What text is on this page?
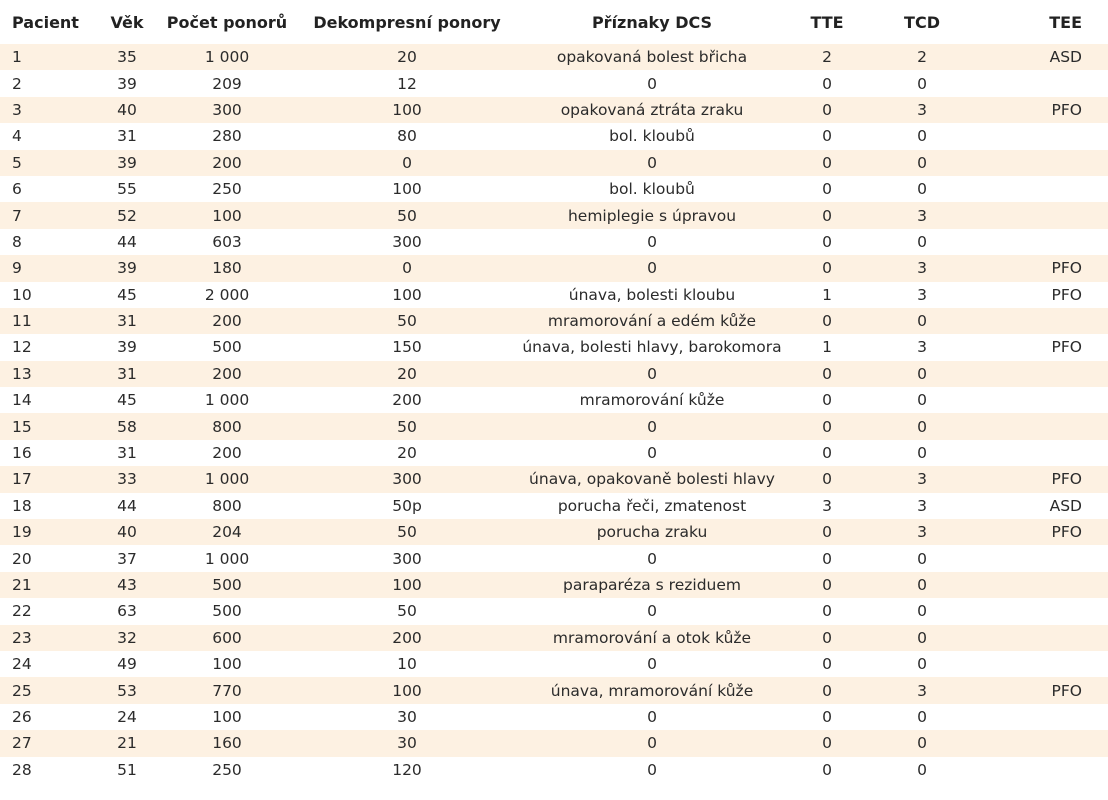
Pacient	Věk	Počet ponorů	Dekompresní ponory	Příznaky DCS	TTE	TCD	TEE
1	35	1 000	20	opakovaná bolest břicha	2	2	ASD
2	39	209	12	0	0	0	
3	40	300	100	opakovaná ztráta zraku	0	3	PFO
4	31	280	80	bol. kloubů	0	0	
5	39	200	0	0	0	0	
6	55	250	100	bol. kloubů	0	0	
7	52	100	50	hemiplegie s úpravou	0	3	
8	44	603	300	0	0	0	
9	39	180	0	0	0	3	PFO
10	45	2 000	100	únava, bolesti kloubu	1	3	PFO
11	31	200	50	mramorování a edém kůže	0	0	
12	39	500	150	únava, bolesti hlavy, barokomora	1	3	PFO
13	31	200	20	0	0	0	
14	45	1 000	200	mramorování kůže	0	0	
15	58	800	50	0	0	0	
16	31	200	20	0	0	0	
17	33	1 000	300	únava, opakovaně bolesti hlavy	0	3	PFO
18	44	800	50p	porucha řeči, zmatenost	3	3	ASD
19	40	204	50	porucha zraku	0	3	PFO
20	37	1 000	300	0	0	0	
21	43	500	100	paraparéza s reziduem	0	0	
22	63	500	50	0	0	0	
23	32	600	200	mramorování a otok kůže	0	0	
24	49	100	10	0	0	0	
25	53	770	100	únava, mramorování kůže	0	3	PFO
26	24	100	30	0	0	0	
27	21	160	30	0	0	0	
28	51	250	120	0	0	0	
